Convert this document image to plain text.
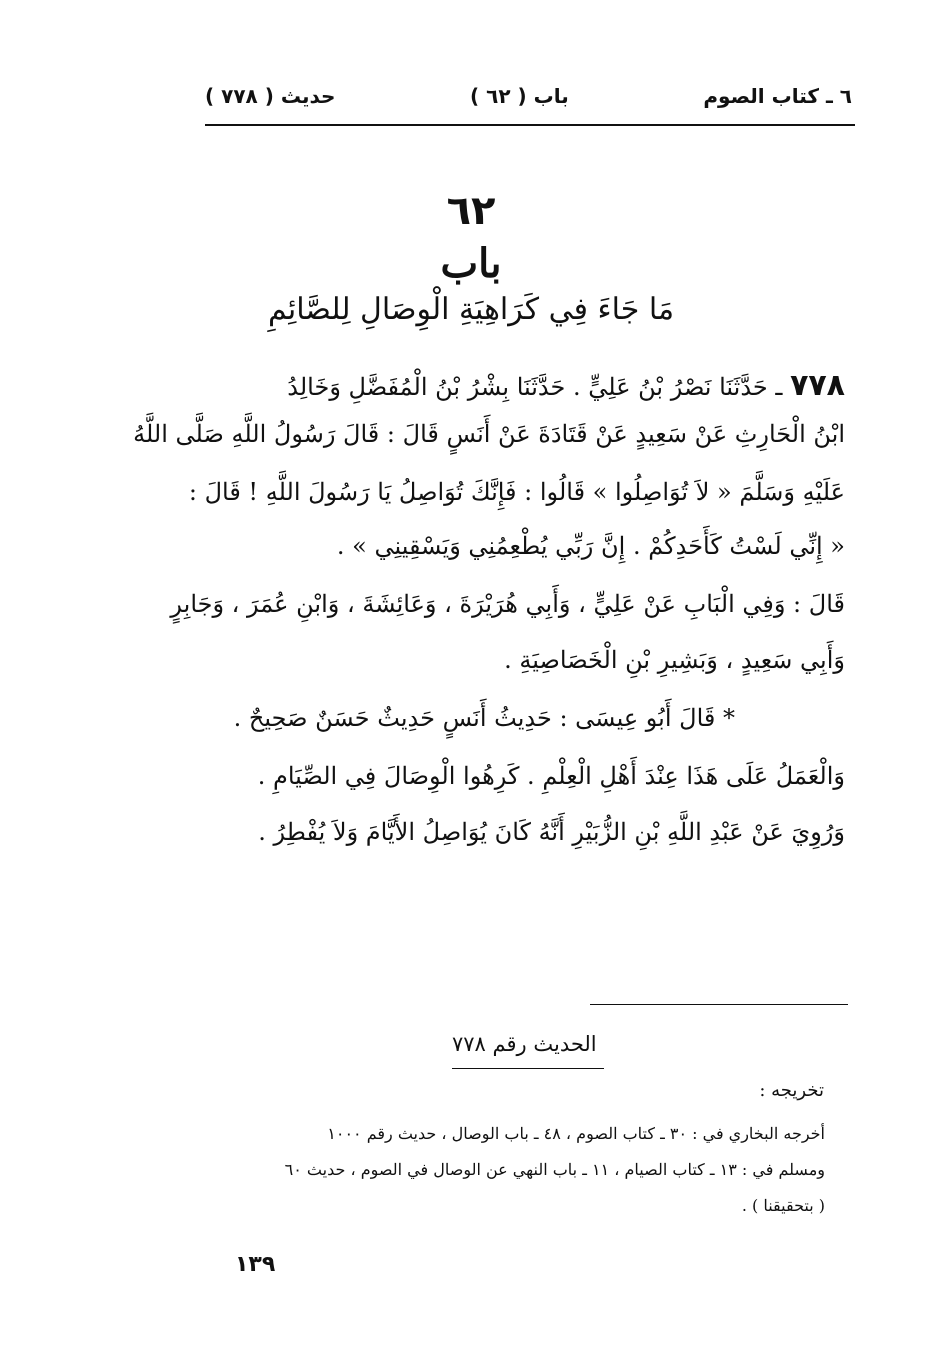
٦ ـ كتاب الصوم
( ٦٢ ) باب
( ٧٧٨ ) حديث
٦٢
باب
مَا جَاءَ فِي كَرَاهِيَةِ الْوِصَالِ لِلصَّائِمِ
٧٧٨ ـ حَدَّثَنَا نَصْرُ بْنُ عَلِيٍّ . حَدَّثَنَا بِشْرُ بْنُ الْمُفَضَّلِ وَخَالِدُ
ابْنُ الْحَارِثِ عَنْ سَعِيدٍ عَنْ قَتَادَةَ عَنْ أَنَسٍ قَالَ : قَالَ رَسُولُ اللَّهِ صَلَّى اللَّهُ
عَلَيْهِ وَسَلَّمَ « لاَ تُوَاصِلُوا » قَالُوا : فَإِنَّكَ تُوَاصِلُ يَا رَسُولَ اللَّهِ ! قَالَ :
« إِنِّي لَسْتُ كَأَحَدِكُمْ . إِنَّ رَبِّي يُطْعِمُنِي وَيَسْقِينِي » .
قَالَ : وَفِي الْبَابِ عَنْ عَلِيٍّ ، وَأَبِي هُرَيْرَةَ ، وَعَائِشَةَ ، وَابْنِ عُمَرَ ، وَجَابِرٍ
وَأَبِي سَعِيدٍ ، وَبَشِيرِ بْنِ الْخَصَاصِيَةِ .
* قَالَ أَبُو عِيسَى : حَدِيثُ أَنَسٍ حَدِيثٌ حَسَنٌ صَحِيحٌ .
وَالْعَمَلُ عَلَى هَذَا عِنْدَ أَهْلِ الْعِلْمِ . كَرِهُوا الْوِصَالَ فِي الصِّيَامِ .
وَرُوِيَ عَنْ عَبْدِ اللَّهِ بْنِ الزُّبَيْرِ أَنَّهُ كَانَ يُوَاصِلُ الأَيَّامَ وَلاَ يُفْطِرُ .
الحديث رقم ٧٧٨
تخريجه :
أخرجه البخاري في : ٣٠ ـ كتاب الصوم ، ٤٨ ـ باب الوصال ، حديث رقم ١٠٠٠
ومسلم في : ١٣ ـ كتاب الصيام ، ١١ ـ باب النهي عن الوصال في الصوم ، حديث ٦٠
( بتحقيقنا ) .
١٣٩
